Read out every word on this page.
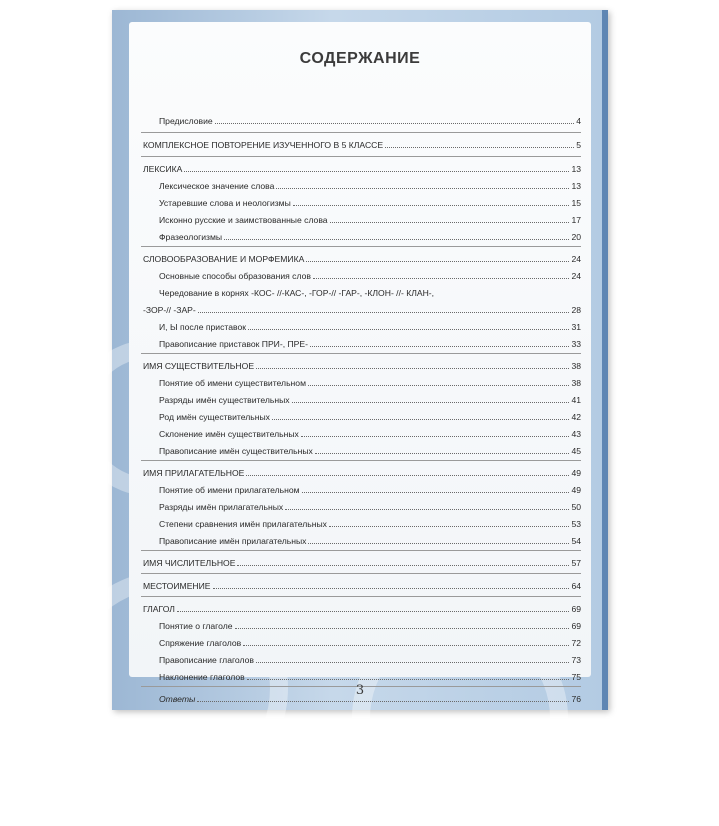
СОДЕРЖАНИЕ
Предисловие	4
КОМПЛЕКСНОЕ ПОВТОРЕНИЕ ИЗУЧЕННОГО В 5 КЛАССЕ	5
ЛЕКСИКА	13
Лексическое значение слова	13
Устаревшие слова и неологизмы	15
Исконно русские и заимствованные слова	17
Фразеологизмы	20
СЛОВООБРАЗОВАНИЕ И МОРФЕМИКА	24
Основные способы образования слов	24
Чередование в корнях -КОС- //-КАС-, -ГОР-// -ГАР-, -КЛОН- //- КЛАН-,
-ЗОР-// -ЗАР-	28
И, Ы после приставок	31
Правописание приставок ПРИ-, ПРЕ-	33
ИМЯ СУЩЕСТВИТЕЛЬНОЕ	38
Понятие об имени существительном	38
Разряды имён существительных	41
Род имён существительных	42
Склонение имён существительных	43
Правописание имён существительных	45
ИМЯ ПРИЛАГАТЕЛЬНОЕ	49
Понятие об имени прилагательном	49
Разряды имён прилагательных	50
Степени сравнения имён прилагательных	53
Правописание имён прилагательных	54
ИМЯ ЧИСЛИТЕЛЬНОЕ	57
МЕСТОИМЕНИЕ	64
ГЛАГОЛ	69
Понятие о глаголе	69
Спряжение глаголов	72
Правописание глаголов	73
Наклонение глаголов	75
Ответы	76
3
